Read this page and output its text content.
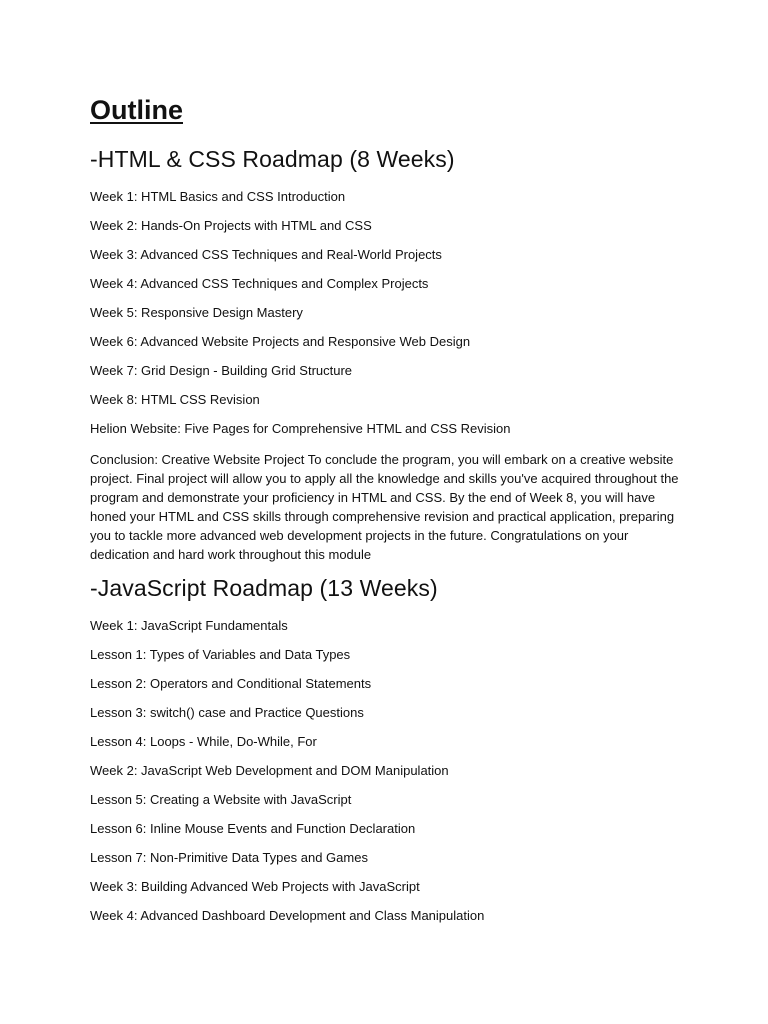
Outline
-HTML & CSS Roadmap (8 Weeks)
Week 1: HTML Basics and CSS Introduction
Week 2: Hands-On Projects with HTML and CSS
Week 3: Advanced CSS Techniques and Real-World Projects
Week 4: Advanced CSS Techniques and Complex Projects
Week 5: Responsive Design Mastery
Week 6: Advanced Website Projects and Responsive Web Design
Week 7: Grid Design - Building Grid Structure
Week 8: HTML CSS Revision
Helion Website: Five Pages for Comprehensive HTML and CSS Revision

Conclusion: Creative Website Project To conclude the program, you will embark on a creative website project. Final project will allow you to apply all the knowledge and skills you've acquired throughout the program and demonstrate your proficiency in HTML and CSS. By the end of Week 8, you will have honed your HTML and CSS skills through comprehensive revision and practical application, preparing you to tackle more advanced web development projects in the future. Congratulations on your dedication and hard work throughout this module

-JavaScript Roadmap (13 Weeks)
Week 1: JavaScript Fundamentals
Lesson 1: Types of Variables and Data Types
Lesson 2: Operators and Conditional Statements
Lesson 3: switch() case and Practice Questions
Lesson 4: Loops - While, Do-While, For
Week 2: JavaScript Web Development and DOM Manipulation
Lesson 5: Creating a Website with JavaScript
Lesson 6: Inline Mouse Events and Function Declaration
Lesson 7: Non-Primitive Data Types and Games
Week 3: Building Advanced Web Projects with JavaScript
Week 4: Advanced Dashboard Development and Class Manipulation
